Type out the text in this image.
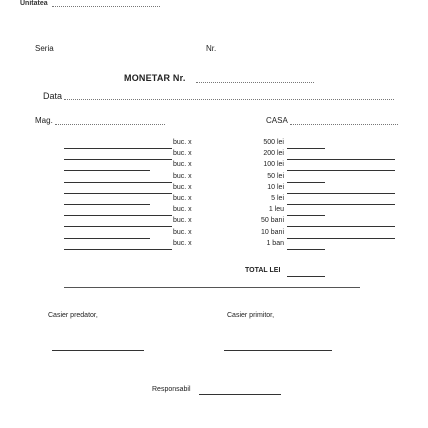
Unitatea
Seria	Nr.
MONETAR Nr.
Data
Mag.	CASA
buc. x	500 lei
buc. x	200 lei
buc. x	100 lei
buc. x	50 lei
buc. x	10 lei
buc. x	5 lei
buc. x	1 leu
buc. x	50 bani
buc. x	10 bani
buc. x	1 ban
TOTAL LEI
Casier predator,	Casier primitor,
Responsabil
